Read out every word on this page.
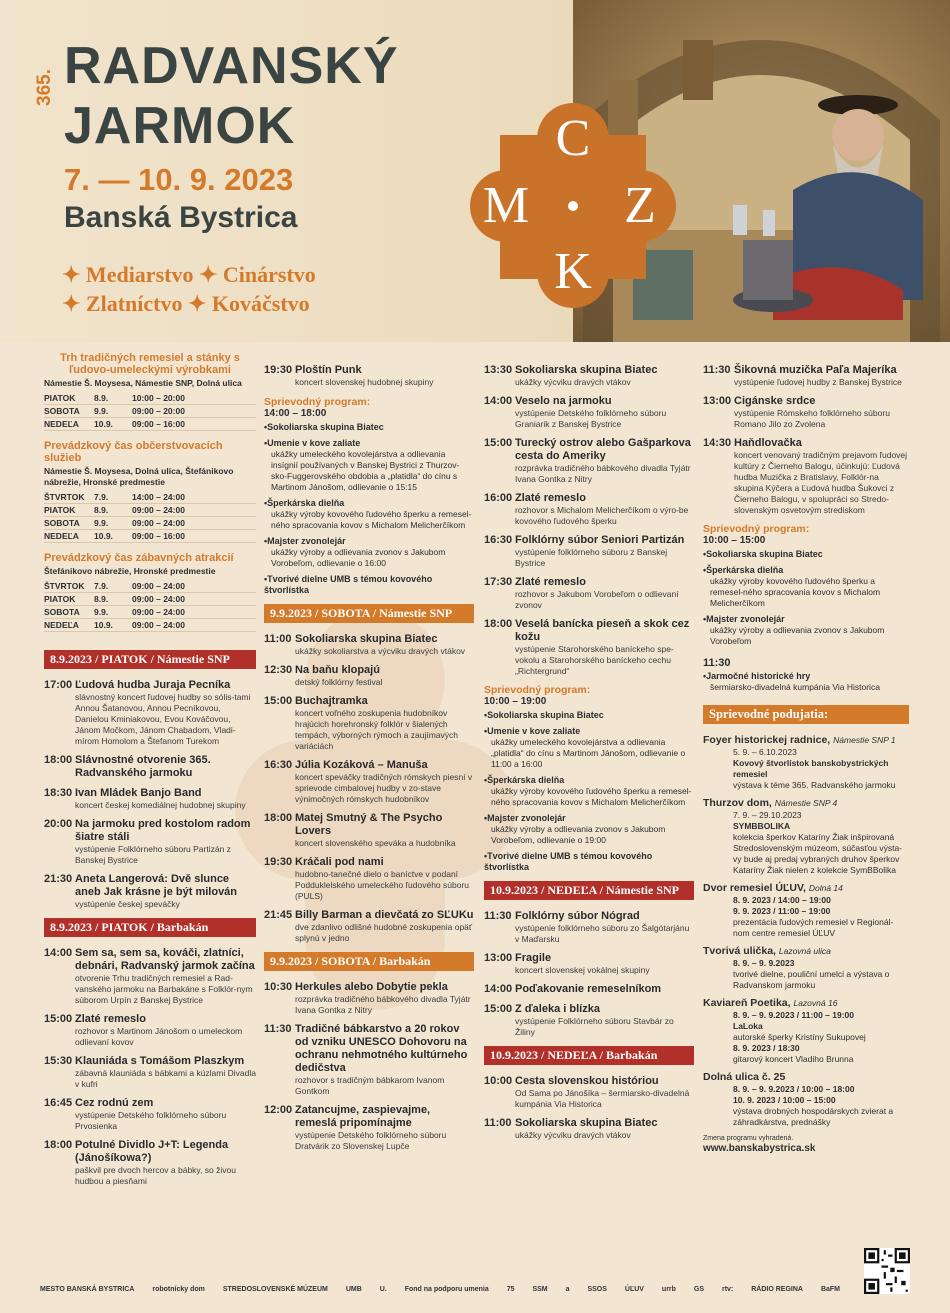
365. RADVANSKÝ
JARMOK
7. — 10. 9. 2023
Banská Bystrica
✦ Mediarstvo ✦ Cinárstvo
✦ Zlatníctvo ✦ Kováčstvo
C
M	Z
K
Trh tradičných remesiel a stánky s ľudovo-umeleckými výrobkami
Námestie Š. Moysesa, Námestie SNP, Dolná ulica
PIATOK	8.9.	10:00 – 20:00
SOBOTA	9.9.	09:00 – 20:00
NEDEĽA	10.9.	09:00 – 16:00
Prevádzkový čas občerstvovacích služieb
Námestie Š. Moysesa, Dolná ulica, Štefánikovo nábrežie, Hronské predmestie
ŠTVRTOK	7.9.	14:00 – 24:00
PIATOK	8.9.	09:00 – 24:00
SOBOTA	9.9.	09:00 – 24:00
NEDEĽA	10.9.	09:00 – 16:00
Prevádzkový čas zábavných atrakcií
Štefánikovo nábrežie, Hronské predmestie
ŠTVRTOK	7.9.	09:00 – 24:00
PIATOK	8.9.	09:00 – 24:00
SOBOTA	9.9.	09:00 – 24:00
NEDEĽA	10.9.	09:00 – 24:00
8.9.2023 / PIATOK / Námestie SNP
17:00 Ľudová hudba Juraja Pecníka
slávnostný koncert ľudovej hudby so sólis-tami Annou Šatanovou, Annou Pecníkovou, Danielou Kminiakovou, Evou Kováčovou, Jánom Močkom, Jánom Chabadom, Vladi-mírom Homolom a Štefanom Turekom
18:00 Slávnostné otvorenie 365. Radvanského jarmoku
18:30 Ivan Mládek Banjo Band
koncert českej komediálnej hudobnej skupiny
20:00 Na jarmoku pred kostolom radom šiatre stáli
vystúpenie Folklórneho súboru Partizán z Banskej Bystrice
21:30 Aneta Langerová: Dvě slunce aneb Jak krásne je být milován
vystúpenie českej speváčky
8.9.2023 / PIATOK / Barbakán
14:00 Sem sa, sem sa, kováči, zlatníci, debnári, Radvanský jarmok začína
otvorenie Trhu tradičných remesiel a Rad-vanského jarmoku na Barbakáne s Folklór-nym súborom Urpín z Banskej Bystrice
15:00 Zlaté remeslo
rozhovor s Martinom Jánošom o umeleckom odlievaní kovov
15:30 Klauniáda s Tomášom Plaszkym
zábavná klauniáda s bábkami a kúzlami Divadla v kufri
16:45 Cez rodnú zem
vystúpenie Detského folklórneho súboru Prvosienka
18:00 Potulné Dividlo J+T: Legenda (Jánošíkowa?)
paškvil pre dvoch hercov a bábky, so živou hudbou a piesňami
19:30 Ploštín Punk
koncert slovenskej hudobnej skupiny
Sprievodný program:
14:00 – 18:00
• Sokoliarska skupina Biatec
• Umenie v kove zaliate
ukážky umeleckého kovolejárstva a odlievania insígnií používaných v Banskej Bystrici z Thurzov-sko-Fuggerovského obdobia a „platidla“ do cínu s Martinom Jánošom, odlievanie o 15:15
• Šperkárska dielňa
ukážky výroby kovového ľudového šperku a remesel-ného spracovania kovov s Michalom Melicherčíkom
• Majster zvonolejár
ukážky výroby a odlievania zvonov s Jakubom Vorobeľom, odlievanie o 16:00
• Tvorivé dielne UMB s témou kovového štvorlístka
9.9.2023 / SOBOTA / Námestie SNP
11:00 Sokoliarska skupina Biatec
ukážky sokoliarstva a výcviku dravých vtákov
12:30 Na baňu klopajú
detský folklórny festival
15:00 Buchajtramka
koncert voľného zoskupenia hudobníkov hrajúcich horehronský folklór v šialených tempách, výborných rýmoch a zaujímavých variáciách
16:30 Júlia Kozáková – Manuša
koncert speváčky tradičných rómskych piesní v sprievode cimbalovej hudby v zo-stave výnimočných rómskych hudobníkov
18:00 Matej Smutný & The Psycho Lovers
koncert slovenského speváka a hudobníka
19:30 Kráčali pod nami
hudobno-tanečné dielo o baníctve v podaní Podduklelského umeleckého ľudového súboru (PULS)
21:45 Billy Barman a dievčatá zo SĽUKu
dve zdanlivo odlišné hudobné zoskupenia opäť splynú v jedno
9.9.2023 / SOBOTA / Barbakán
10:30 Herkules alebo Dobytie pekla
rozprávka tradičného bábkového divadla Tyjátr Ivana Gontka z Nitry
11:30 Tradičné bábkarstvo a 20 rokov od vzniku UNESCO Dohovoru na ochranu nehmotného kultúrneho dedičstva
rozhovor s tradičným bábkarom Ivanom Gontkom
12:00 Zatancujme, zaspievajme, remeslá pripomínajme
vystúpenie Detského folklórneho súboru Dratvárik zo Slovenskej Lupče
13:30 Sokoliarska skupina Biatec
ukážky výcviku dravých vtákov
14:00 Veselo na jarmoku
vystúpenie Detského folklórneho súboru Graniarik z Banskej Bystrice
15:00 Turecký ostrov alebo Gašparkova cesta do Ameriky
rozprávka tradičného bábkového divadla Tyjátr Ivana Gontka z Nitry
16:00 Zlaté remeslo
rozhovor s Michalom Melicherčíkom o výro-be kovového ľudového šperku
16:30 Folklórny súbor Seniori Partizán
vystúpenie folklórneho súboru z Banskej Bystrice
17:30 Zlaté remeslo
rozhovor s Jakubom Vorobeľom o odlievaní zvonov
18:00 Veselá banícka pieseň a skok cez kožu
vystúpenie Starohorského baníckeho spe-vokolu a Starohorského baníckeho cechu „Richtergrund“
Sprievodný program:
10:00 – 19:00
• Sokoliarska skupina Biatec
• Umenie v kove zaliate
ukážky umeleckého kovolejárstva a odlievania „platidla“ do cínu s Martinom Jánošom, odlievanie o 11:00 a 16:00
• Šperkárska dielňa
ukážky výroby kovového ľudového šperku a remesel-ného spracovania kovov s Michalom Melicherčíkom
• Majster zvonolejár
ukážky výroby a odlievania zvonov s Jakubom Vorobeľom, odlievanie o 19:00
• Tvorivé dielne UMB s témou kovového štvorlístka
10.9.2023 / NEDEĽA / Námestie SNP
11:30 Folklórny súbor Nógrad
vystúpenie folklórneho súboru zo Šalgótarjánu v Maďarsku
13:00 Fragile
koncert slovenskej vokálnej skupiny
14:00 Poďakovanie remeselníkom
15:00 Z ďaleka i blízka
vystúpenie Folklórneho súboru Stavbár zo Žiliny
10.9.2023 / NEDEĽA / Barbakán
10:00 Cesta slovenskou históriou
Od Sama po Jánošíka – šermiarsko-divadelná kumpánia Via Historica
11:00 Sokoliarska skupina Biatec
ukážky výcviku dravých vtákov
11:30 Šikovná muzička Paľa Majeríka
vystúpenie ľudovej hudby z Banskej Bystrice
13:00 Cigánske srdce
vystúpenie Rómskeho folklórneho súboru Romano Jilo zo Zvolena
14:30 Haňdlovačka
koncert venovaný tradičným prejavom ľudovej kultúry z Čierneho Balogu, účinkujú: Ľudová hudba Muzička z Bratislavy, Folklór-na skupina Kýčera a Ľudová hudba Šukovci z Čierneho Balogu, v spolupráci so Stredo-slovenským osvetovým strediskom
Sprievodný program:
10:00 – 15:00
• Sokoliarska skupina Biatec
• Šperkárska dielňa
ukážky výroby kovového ľudového šperku a remesel-ného spracovania kovov s Michalom Melicherčíkom
• Majster zvonolejár
ukážky výroby a odlievania zvonov s Jakubom Vorobeľom
11:30
• Jarmočné historické hry
šermiarsko-divadelná kumpánia Via Historica
Sprievodné podujatia:
Foyer historickej radnice, Námestie SNP 1
5. 9. – 6.10.2023
Kovový štvorlístok banskobystrických remesiel
výstava k téme 365. Radvanského jarmoku
Thurzov dom, Námestie SNP 4
7. 9. – 29.10.2023
SYMBBOLIKA
kolekcia šperkov Kataríny Žiak inšpirovaná Stredoslovenským múzeom, súčasťou výsta-vy bude aj predaj vybraných druhov šperkov Kataríny Žiak nielen z kolekcie SymBBolika
Dvor remesiel ÚĽUV, Dolná 14
8. 9. 2023 / 14:00 – 19:00
9. 9. 2023 / 11:00 – 19:00
prezentácia ľudových remesiel v Regionál-nom centre remesiel ÚĽUV
Tvorivá ulička, Lazovná ulica
8. 9. – 9. 9.2023
tvorivé dielne, pouliční umelci a výstava o Radvanskom jarmoku
Kaviareň Poetika, Lazovná 16
8. 9. – 9. 9.2023 / 11:00 – 19:00
LaLoka
autorské šperky Kristíny Sukupovej
8. 9. 2023 / 18:30
gitarový koncert Vladiho Brunna
Dolná ulica č. 25
8. 9. – 9. 9.2023 / 10:00 – 18:00
10. 9. 2023 / 10:00 – 15:00
výstava drobných hospodárskych zvierat a záhradkárstva, prednášky
Zmena programu vyhradená.
www.banskabystrica.sk
MESTO BANSKÁ BYSTRICA	robotnícky dom	STREDOSLOVENSKÉ MÚZEUM	UMB	U.	Fond na podporu umenia	75	SSM	a	SSOS	ÚĽUV	urrb	GS	rtv:	RÁDIO REGINA	BaFM
